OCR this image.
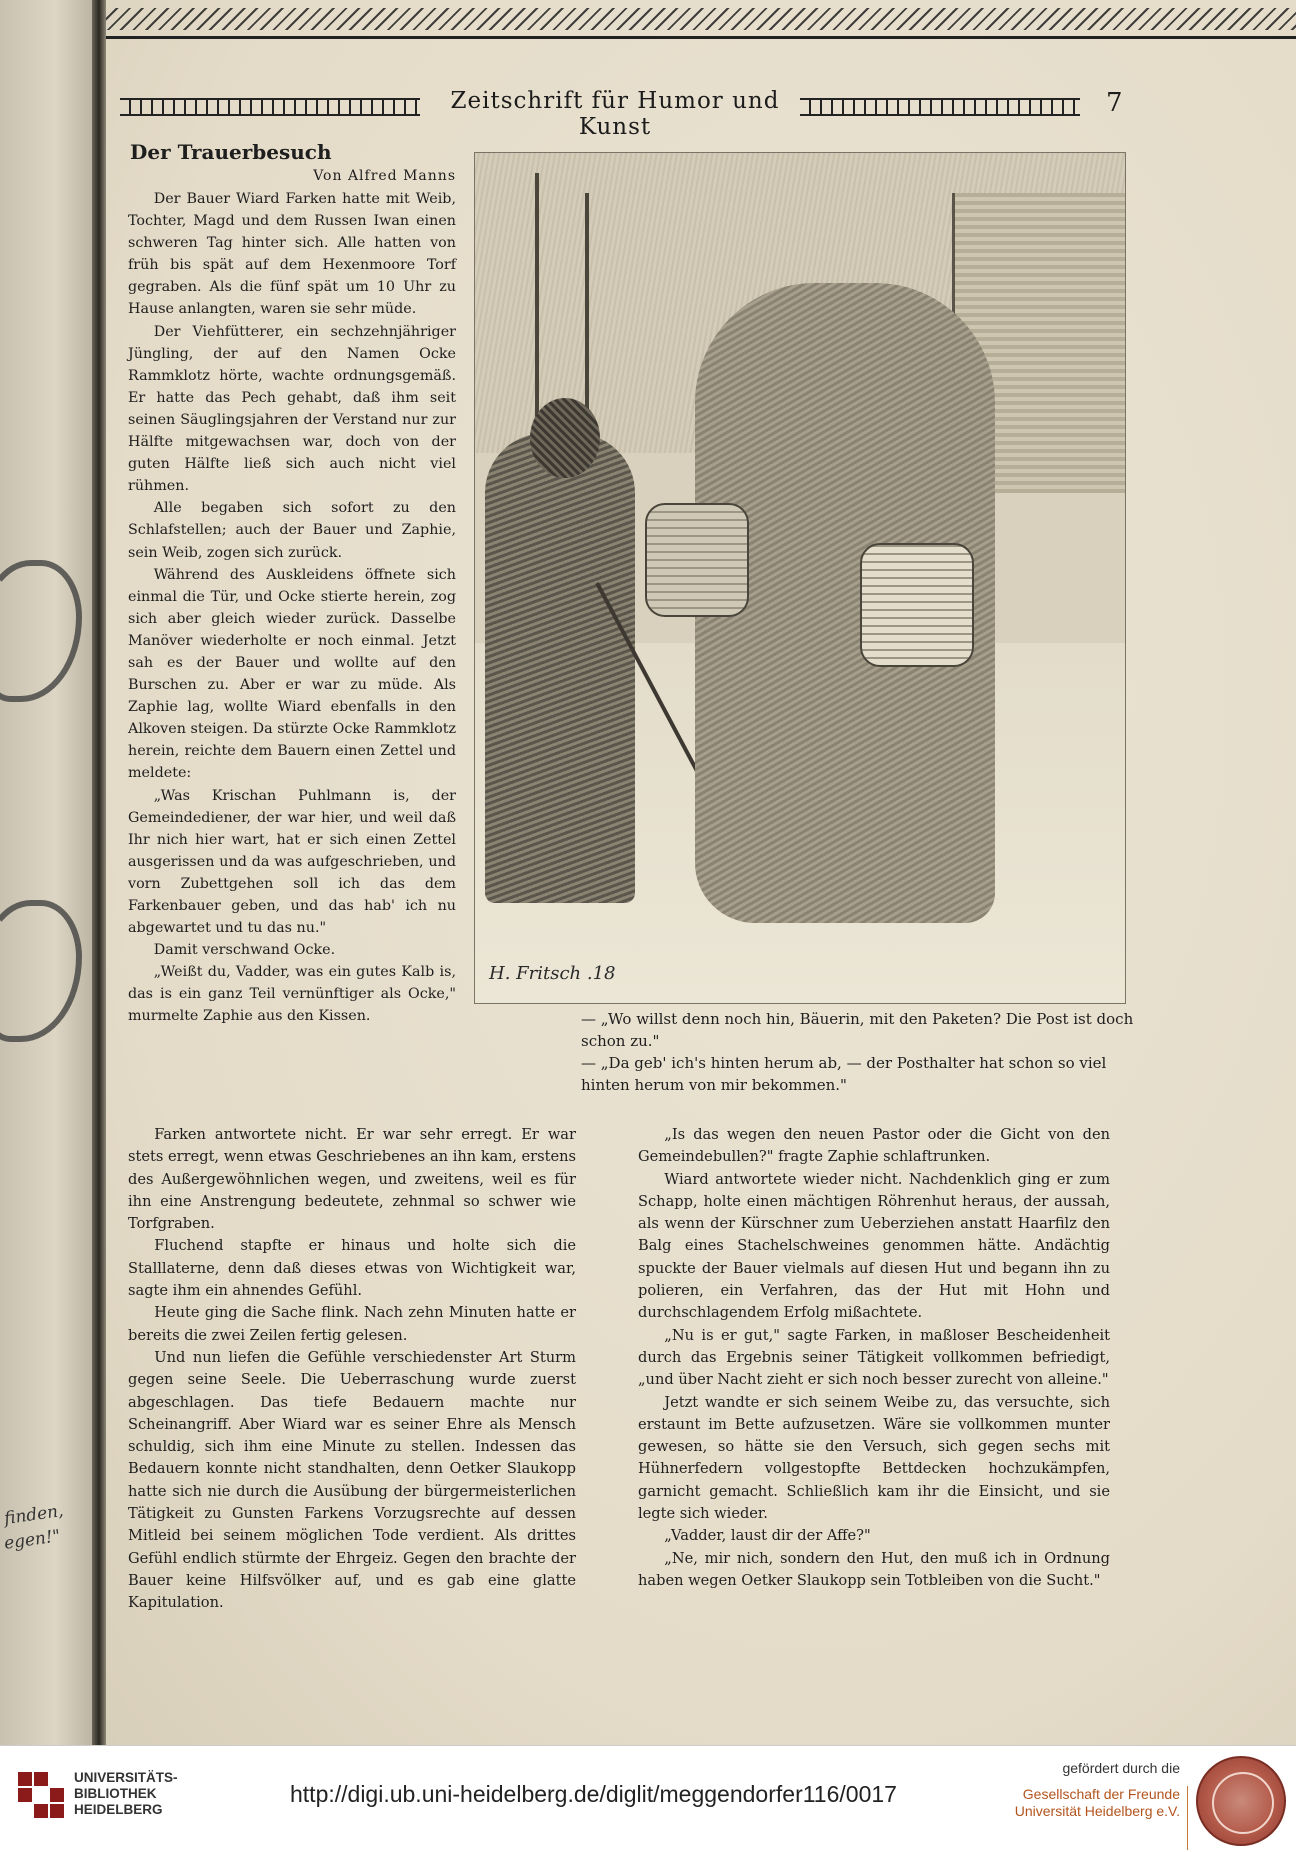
finden,
egen!"
Zeitschrift für Humor und Kunst
7
Der Trauerbesuch
Von Alfred Manns

Der Bauer Wiard Farken hatte mit Weib, Tochter, Magd und dem Russen Iwan einen schweren Tag hinter sich. Alle hatten von früh bis spät auf dem Hexenmoore Torf gegraben. Als die fünf spät um 10 Uhr zu Hause anlangten, waren sie sehr müde.

Der Viehfütterer, ein sechzehnjähriger Jüngling, der auf den Namen Ocke Rammklotz hörte, wachte ordnungsgemäß. Er hatte das Pech gehabt, daß ihm seit seinen Säuglingsjahren der Verstand nur zur Hälfte mitgewachsen war, doch von der guten Hälfte ließ sich auch nicht viel rühmen.

Alle begaben sich sofort zu den Schlafstellen; auch der Bauer und Zaphie, sein Weib, zogen sich zurück.

Während des Auskleidens öffnete sich einmal die Tür, und Ocke stierte herein, zog sich aber gleich wieder zurück. Dasselbe Manöver wiederholte er noch einmal. Jetzt sah es der Bauer und wollte auf den Burschen zu. Aber er war zu müde. Als Zaphie lag, wollte Wiard ebenfalls in den Alkoven steigen. Da stürzte Ocke Rammklotz herein, reichte dem Bauern einen Zettel und meldete:

„Was Krischan Puhlmann is, der Gemeindediener, der war hier, und weil daß Ihr nich hier wart, hat er sich einen Zettel ausgerissen und da was aufgeschrieben, und vorn Zubettgehen soll ich das dem Farkenbauer geben, und das hab' ich nu abgewartet und tu das nu."

Damit verschwand Ocke.

„Weißt du, Vadder, was ein gutes Kalb is, das is ein ganz Teil vernünftiger als Ocke," murmelte Zaphie aus den Kissen.

H. Fritsch .18

— „Wo willst denn noch hin, Bäuerin, mit den Paketen? Die Post ist doch schon zu."

— „Da geb' ich's hinten herum ab, — der Posthalter hat schon so viel hinten herum von mir bekommen."

Farken antwortete nicht. Er war sehr erregt. Er war stets erregt, wenn etwas Geschriebenes an ihn kam, erstens des Außergewöhnlichen wegen, und zweitens, weil es für ihn eine Anstrengung bedeutete, zehnmal so schwer wie Torfgraben.

Fluchend stapfte er hinaus und holte sich die Stalllaterne, denn daß dieses etwas von Wichtigkeit war, sagte ihm ein ahnendes Gefühl.

Heute ging die Sache flink. Nach zehn Minuten hatte er bereits die zwei Zeilen fertig gelesen.

Und nun liefen die Gefühle verschiedenster Art Sturm gegen seine Seele. Die Ueberraschung wurde zuerst abgeschlagen. Das tiefe Bedauern machte nur Scheinangriff. Aber Wiard war es seiner Ehre als Mensch schuldig, sich ihm eine Minute zu stellen. Indessen das Bedauern konnte nicht standhalten, denn Oetker Slaukopp hatte sich nie durch die Ausübung der bürgermeisterlichen Tätigkeit zu Gunsten Farkens Vorzugsrechte auf dessen Mitleid bei seinem möglichen Tode verdient. Als drittes Gefühl endlich stürmte der Ehrgeiz. Gegen den brachte der Bauer keine Hilfsvölker auf, und es gab eine glatte Kapitulation.

„Is das wegen den neuen Pastor oder die Gicht von den Gemeindebullen?" fragte Zaphie schlaftrunken.

Wiard antwortete wieder nicht. Nachdenklich ging er zum Schapp, holte einen mächtigen Röhrenhut heraus, der aussah, als wenn der Kürschner zum Ueberziehen anstatt Haarfilz den Balg eines Stachelschweines genommen hätte. Andächtig spuckte der Bauer vielmals auf diesen Hut und begann ihn zu polieren, ein Verfahren, das der Hut mit Hohn und durchschlagendem Erfolg mißachtete.

„Nu is er gut," sagte Farken, in maßloser Bescheidenheit durch das Ergebnis seiner Tätigkeit vollkommen befriedigt, „und über Nacht zieht er sich noch besser zurecht von alleine."

Jetzt wandte er sich seinem Weibe zu, das versuchte, sich erstaunt im Bette aufzusetzen. Wäre sie vollkommen munter gewesen, so hätte sie den Versuch, sich gegen sechs mit Hühnerfedern vollgestopfte Bettdecken hochzukämpfen, garnicht gemacht. Schließlich kam ihr die Einsicht, und sie legte sich wieder.

„Vadder, laust dir der Affe?"

„Ne, mir nich, sondern den Hut, den muß ich in Ordnung haben wegen Oetker Slaukopp sein Totbleiben von die Sucht."

UNIVERSITÄTS-
BIBLIOTHEK
HEIDELBERG
http://digi.ub.uni-heidelberg.de/diglit/meggendorfer116/0017
gefördert durch die
Gesellschaft der Freunde
Universität Heidelberg e.V.
